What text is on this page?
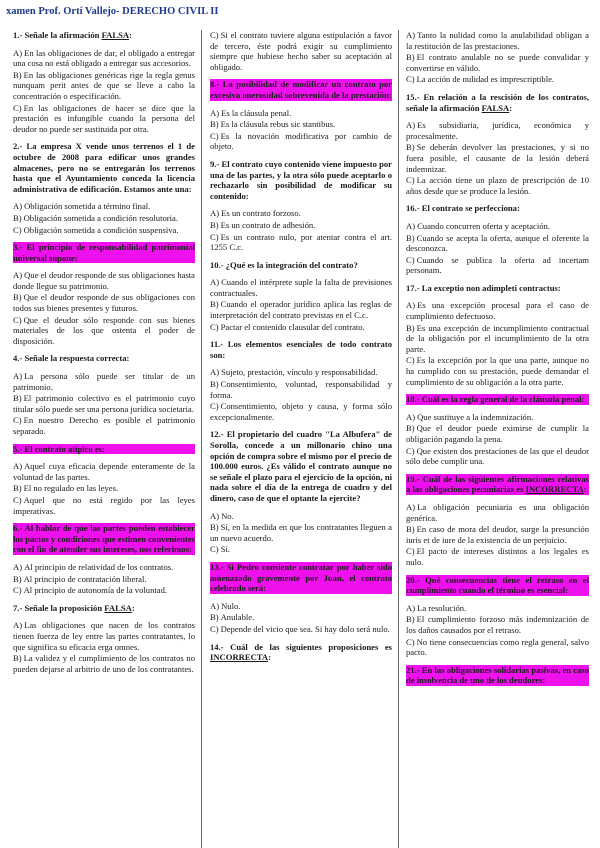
xamen Prof. Ortí Vallejo- DERECHO CIVIL II
1.- Señale la afirmación FALSA:
A) En las obligaciones de dar, el obligado a entregar una cosa no está obligado a entregar sus accesorios.
B) En las obligaciones genéricas rige la regla genus nunquam perit antes de que se lleve a cabo la concentración o especificación.
C) En las obligaciones de hacer se dice que la prestación es infungible cuando la persona del deudor no puede ser sustituida por otra.
2.- La empresa X vende unos terrenos el 1 de octubre de 2008 para edificar unos grandes almacenes, pero no se entregarán los terrenos hasta que el Ayuntamiento conceda la licencia administrativa de edificación. Estamos ante una:
A) Obligación sometida a término final.
B) Obligación sometida a condición resolutoria.
C) Obligación sometida a condición suspensiva.
3.- El principio de responsabilidad patrimonial universal supone:
A) Que el deudor responde de sus obligaciones hasta donde llegue su patrimonio.
B) Que el deudor responde de sus obligaciones con todos sus bienes presentes y futuros.
C) Que el deudor sólo responde con sus bienes materiales de los que ostenta el poder de disposición.
4.- Señale la respuesta correcta:
A) La persona sólo puede ser titular de un patrimonio.
B) El patrimonio colectivo es el patrimonio cuyo titular sólo puede ser una persona jurídica societaria.
C) En nuestro Derecho es posible el patrimonio separado.
5.- El contrato atípico es:
A) Aquel cuya eficacia depende enteramente de la voluntad de las partes.
B) El no regulado en las leyes.
C) Aquel que no está regido por las leyes imperativas.
6.- Al hablar de que las partes pueden establecer los pactos y condiciones que estimen convenientes con el fin de atender sus intereses, nos referimos:
A) Al principio de relatividad de los contratos.
B) Al principio de contratación liberal.
C) Al principio de autonomía de la voluntad.
7.- Señale la proposición FALSA:
A) Las obligaciones que nacen de los contratos tienen fuerza de ley entre las partes contratantes, lo que significa su eficacia erga omnes.
B) La validez y el cumplimiento de los contratos no pueden dejarse al arbitrio de uno de los contratantes.
C) Si el contrato tuviere alguna estipulación a favor de tercero, éste podrá exigir su cumplimiento siempre que hubiese hecho saber su aceptación al obligado.
8.- La posibilidad de modificar un contrato por excesiva onerosidad sobrevenida de la prestación:
A) Es la cláusula penal.
B) Es la cláusula rebus sic stantibus.
C) Es la novación modificativa por cambio de objeto.
9.- El contrato cuyo contenido viene impuesto por una de las partes, y la otra sólo puede aceptarlo o rechazarlo sin posibilidad de modificar su contenido:
A) Es un contrato forzoso.
B) Es un contrato de adhesión.
C) Es un contrato nulo, por atentar contra el art. 1255 C.c.
10.- ¿Qué es la integración del contrato?
A) Cuando el intérprete suple la falta de previsiones contractuales.
B) Cuando el operador jurídico aplica las reglas de interpretación del contrato previstas en el C.c.
C) Pactar el contenido clausular del contrato.
11.- Los elementos esenciales de todo contrato son:
A) Sujeto, prestación, vínculo y responsabilidad.
B) Consentimiento, voluntad, responsabilidad y forma.
C) Consentimiento, objeto y causa, y forma sólo excepcionalmente.
12.- El propietario del cuadro "La Albufera" de Sorolla, concede a un millonario chino una opción de compra sobre el mismo por el precio de 100.000 euros. ¿Es válido el contrato aunque no se señale el plazo para el ejercicio de la opción, ni nada sobre el día de la entrega de cuadro y del dinero, caso de que el optante la ejercite?
A) No.
B) Sí, en la medida en que los contratantes lleguen a un nuevo acuerdo.
C) Sí.
13.- Si Pedro consiente contratar por haber sido amenazado gravemente por Juan, el contrato celebrado será:
A) Nulo.
B) Anulable.
C) Depende del vicio que sea. Si hay dolo será nulo.
14.- Cuál de las siguientes proposiciones es INCORRECTA:
A) Tanto la nulidad como la anulabilidad obligan a la restitución de las prestaciones.
B) El contrato anulable no se puede convalidar y convertirse en válido.
C) La acción de nulidad es imprescriptible.
15.- En relación a la rescisión de los contratos, señale la afirmación FALSA:
A) Es subsidiaria, jurídica, económica y procesalmente.
B) Se deberán devolver las prestaciones, y si no fuera posible, el causante de la lesión deberá indemnizar.
C) La acción tiene un plazo de prescripción de 10 años desde que se produce la lesión.
16.- El contrato se perfecciona:
A) Cuando concurren oferta y aceptación.
B) Cuando se acepta la oferta, aunque el oferente la desconozca.
C) Cuando se publica la oferta ad incertam personam.
17.- La exceptio non adimpleti contractus:
A) Es una excepción procesal para el caso de cumplimiento defectuoso.
B) Es una excepción de incumplimiento contractual de la obligación por el incumplimiento de la otra parte.
C) Es la excepción por la que una parte, aunque no ha cumplido con su prestación, puede demandar el cumplimiento de su obligación a la otra parte.
18.- Cuál es la regla general de la cláusula penal:
A) Que sustituye a la indemnización.
B) Que el deudor puede eximirse de cumplir la obligación pagando la pena.
C) Que existen dos prestaciones de las que el deudor sólo debe cumplir una.
19.- Cuál de las siguientes afirmaciones relativas a las obligaciones pecuniarias es INCORRECTA:
A) La obligación pecuniaria es una obligación genérica.
B) En caso de mora del deudor, surge la presunción iuris et de iure de la existencia de un perjuicio.
C) El pacto de intereses distintos a los legales es nulo.
20.- Qué consecuencias tiene el retraso en el cumplimiento cuando el término es esencial:
A) La resolución.
B) El cumplimiento forzoso más indemnización de los daños causados por el retraso.
C) No tiene consecuencias como regla general, salvo pacto.
21.- En las obligaciones solidarias pasivas, en caso de insolvencia de uno de los deudores:
